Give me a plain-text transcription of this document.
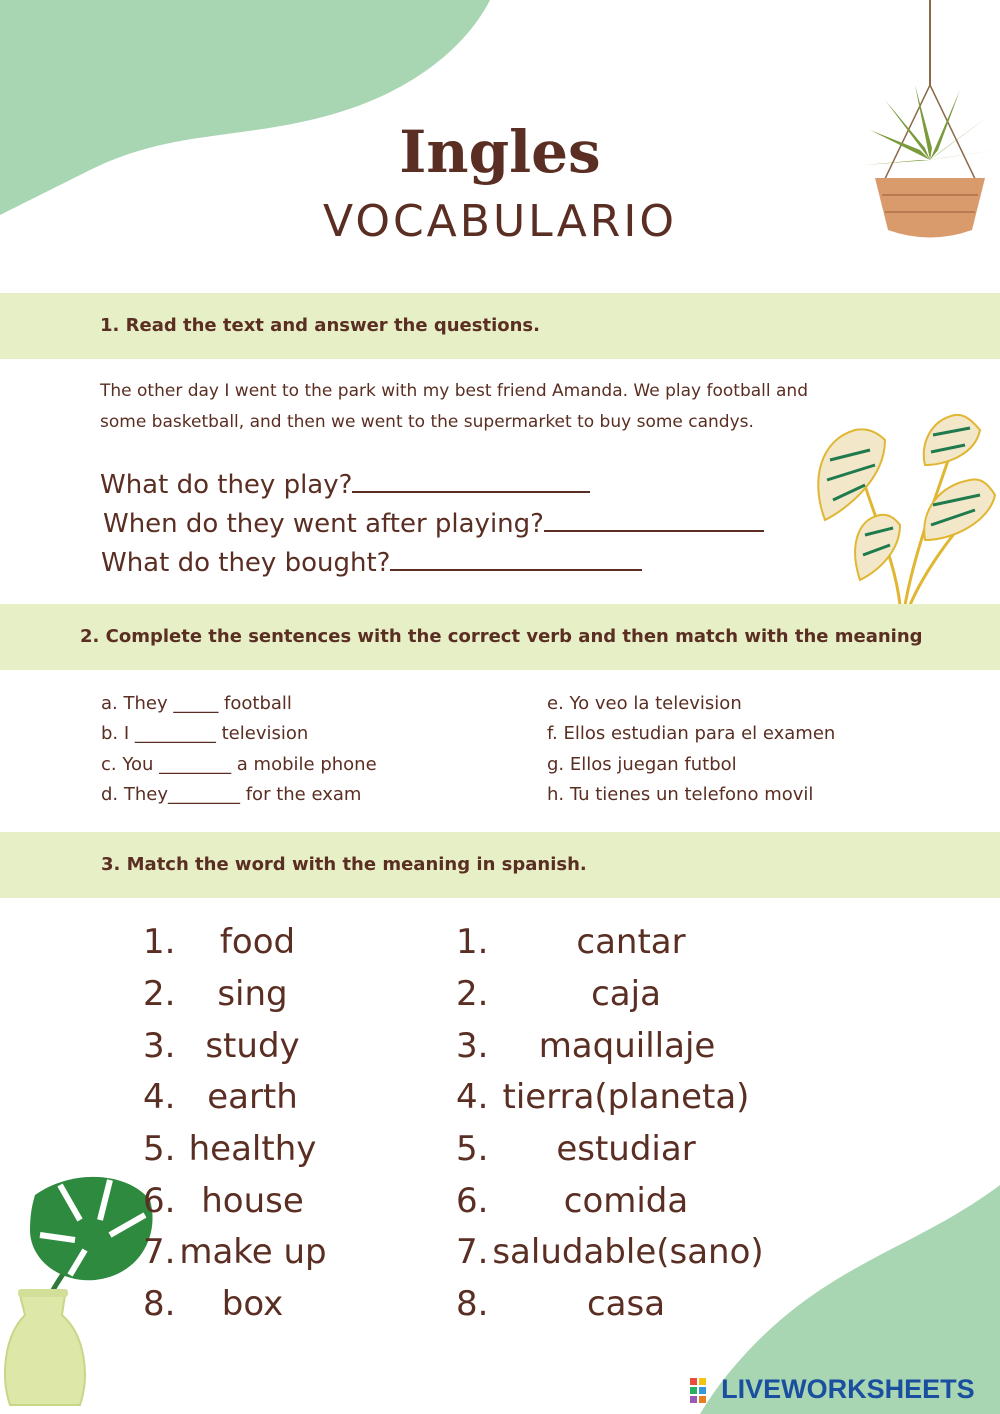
Ingles
VOCABULARIO
1. Read the text and answer the questions.
The other day I went to the park with my best friend Amanda. We play football and
some basketball, and then we went to the supermarket to buy some candys.
What do they play?
When do they went after playing?
What do they bought?
2. Complete the sentences with the correct verb and then match with the meaning
a. They _____ football
b. I _________ television
c. You ________ a mobile phone
d. They________ for the exam
e. Yo veo la television
f. Ellos estudian para el examen
g. Ellos juegan futbol
h. Tu tienes un telefono movil
3. Match the word with the meaning in spanish.
1.	food
2.	sing
3. study
4. earth
5. healthy
6. house
7. make up
8.	box
1.	cantar
2.	caja
3.	maquillaje
4. tierra(planeta)
5.	estudiar
6.	comida
7. saludable(sano)
8.	casa
LIVEWORKSHEETS
